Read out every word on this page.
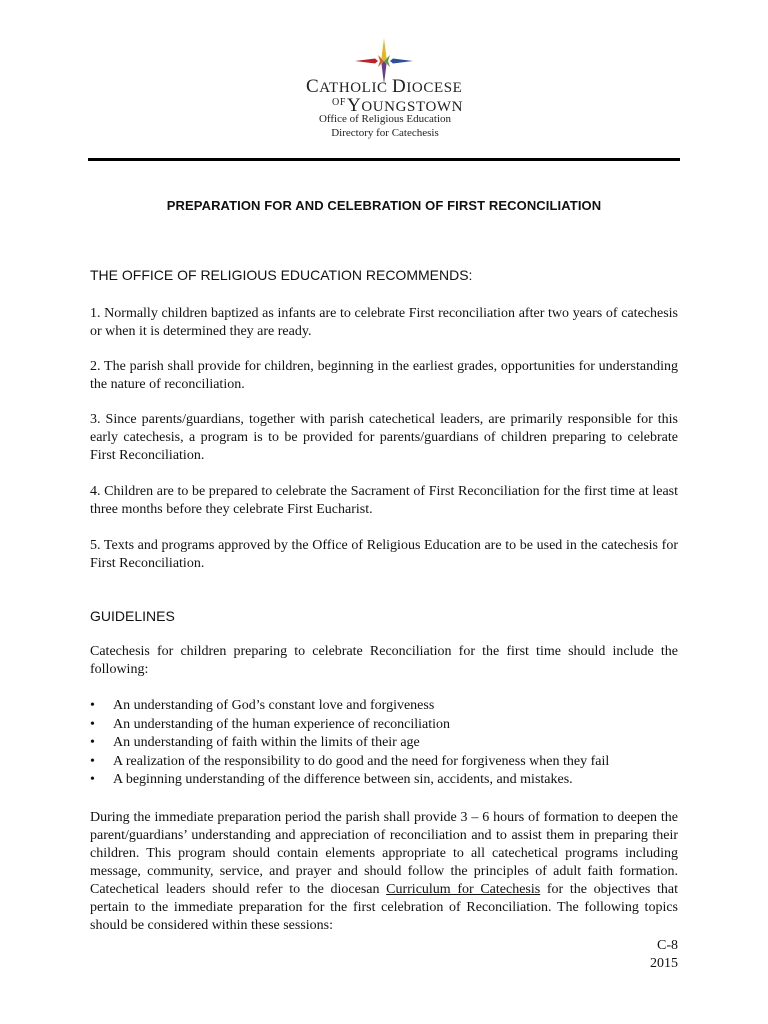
CATHOLIC DIOCESE
$^{OF}$YOUNGSTOWN
Office of Religious Education
Directory for Catechesis
PREPARATION FOR AND CELEBRATION OF FIRST RECONCILIATION
THE OFFICE OF RELIGIOUS EDUCATION RECOMMENDS:
1. Normally children baptized as infants are to celebrate First reconciliation after two years of catechesis or when it is determined they are ready.
2. The parish shall provide for children, beginning in the earliest grades, opportunities for understanding the nature of reconciliation.
3. Since parents/guardians, together with parish catechetical leaders, are primarily responsible for this early catechesis, a program is to be provided for parents/guardians of children preparing to celebrate First Reconciliation.
4. Children are to be prepared to celebrate the Sacrament of First Reconciliation for the first time at least three months before they celebrate First Eucharist.
5. Texts and programs approved by the Office of Religious Education are to be used in the catechesis for First Reconciliation.
GUIDELINES
Catechesis for children preparing to celebrate Reconciliation for the first time should include the following:
• An understanding of God’s constant love and forgiveness
• An understanding of the human experience of reconciliation
• An understanding of faith within the limits of their age
• A realization of the responsibility to do good and the need for forgiveness when they fail
• A beginning understanding of the difference between sin, accidents, and mistakes.
During the immediate preparation period the parish shall provide 3 – 6 hours of formation to deepen the parent/guardians’ understanding and appreciation of reconciliation and to assist them in preparing their children. This program should contain elements appropriate to all catechetical programs including message, community, service, and prayer and should follow the principles of adult faith formation. Catechetical leaders should refer to the diocesan Curriculum for Catechesis for the objectives that pertain to the immediate preparation for the first celebration of Reconciliation. The following topics should be considered within these sessions:
C-8
2015
